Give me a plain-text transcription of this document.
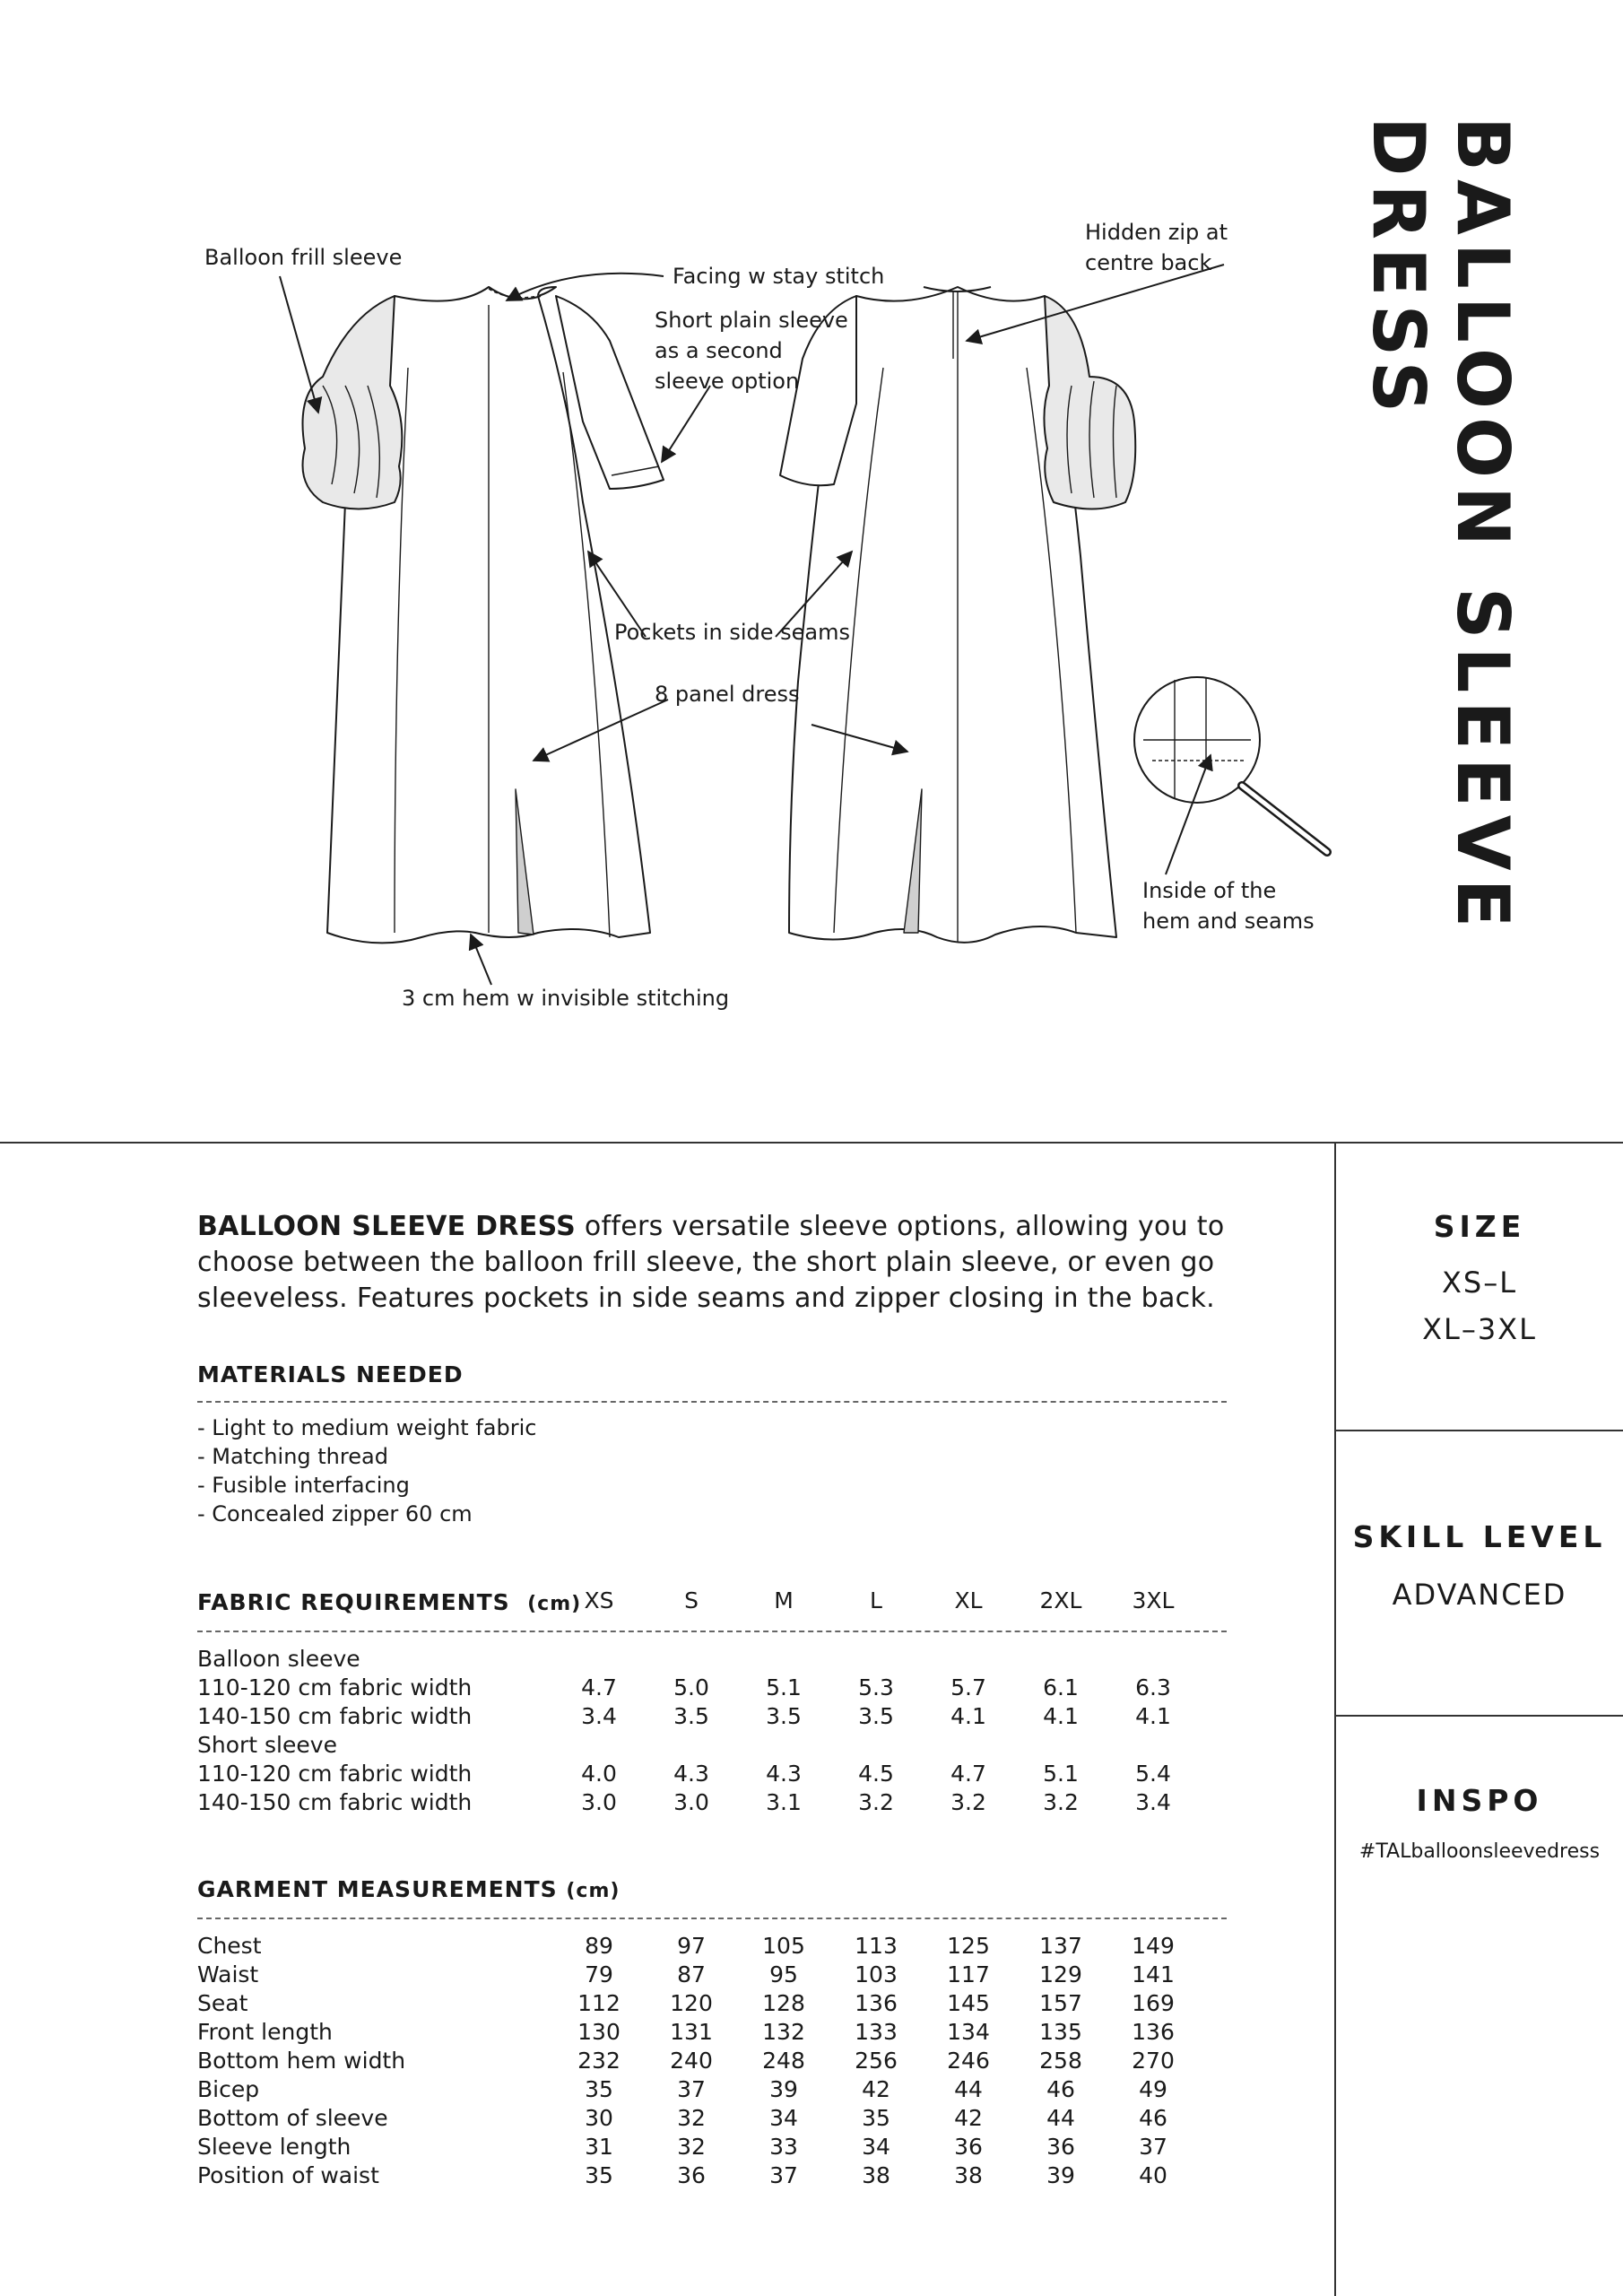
BALLOON SLEEVE
DRESS
Balloon frill sleeve
Facing w stay stitch
Short plain sleeve
as a second
sleeve option
Hidden zip at
centre back
Pockets in side seams
8 panel dress
3 cm hem w invisible stitching
Inside of the
hem and seams
SIZE
XS–L
XL–3XL
SKILL LEVEL
ADVANCED
INSPO
#TALballoonsleevedress
BALLOON SLEEVE DRESS offers versatile sleeve options, allowing you to choose between the balloon frill sleeve, the short plain sleeve, or even go sleeveless. Features pockets in side seams and zipper closing in the back.
MATERIALS NEEDED
- Light to medium weight fabric
- Matching thread
- Fusible interfacing
- Concealed zipper 60 cm
FABRIC REQUIREMENTS (cm) XS	S	M	L	XL	2XL	3XL
Balloon sleeve
110-120 cm fabric width	4.7	5.0	5.1	5.3	5.7	6.1	6.3
140-150 cm fabric width	3.4	3.5	3.5	3.5	4.1	4.1	4.1
Short sleeve
110-120 cm fabric width	4.0	4.3	4.3	4.5	4.7	5.1	5.4
140-150 cm fabric width	3.0	3.0	3.1	3.2	3.2	3.2	3.4
GARMENT MEASUREMENTS (cm)
Chest	89	97	105	113	125	137	149
Waist	79	87	95	103	117	129	141
Seat	112	120	128	136	145	157	169
Front length	130	131	132	133	134	135	136
Bottom hem width	232	240	248	256	246	258	270
Bicep	35	37	39	42	44	46	49
Bottom of sleeve	30	32	34	35	42	44	46
Sleeve length	31	32	33	34	36	36	37
Position of waist	35	36	37	38	38	39	40
